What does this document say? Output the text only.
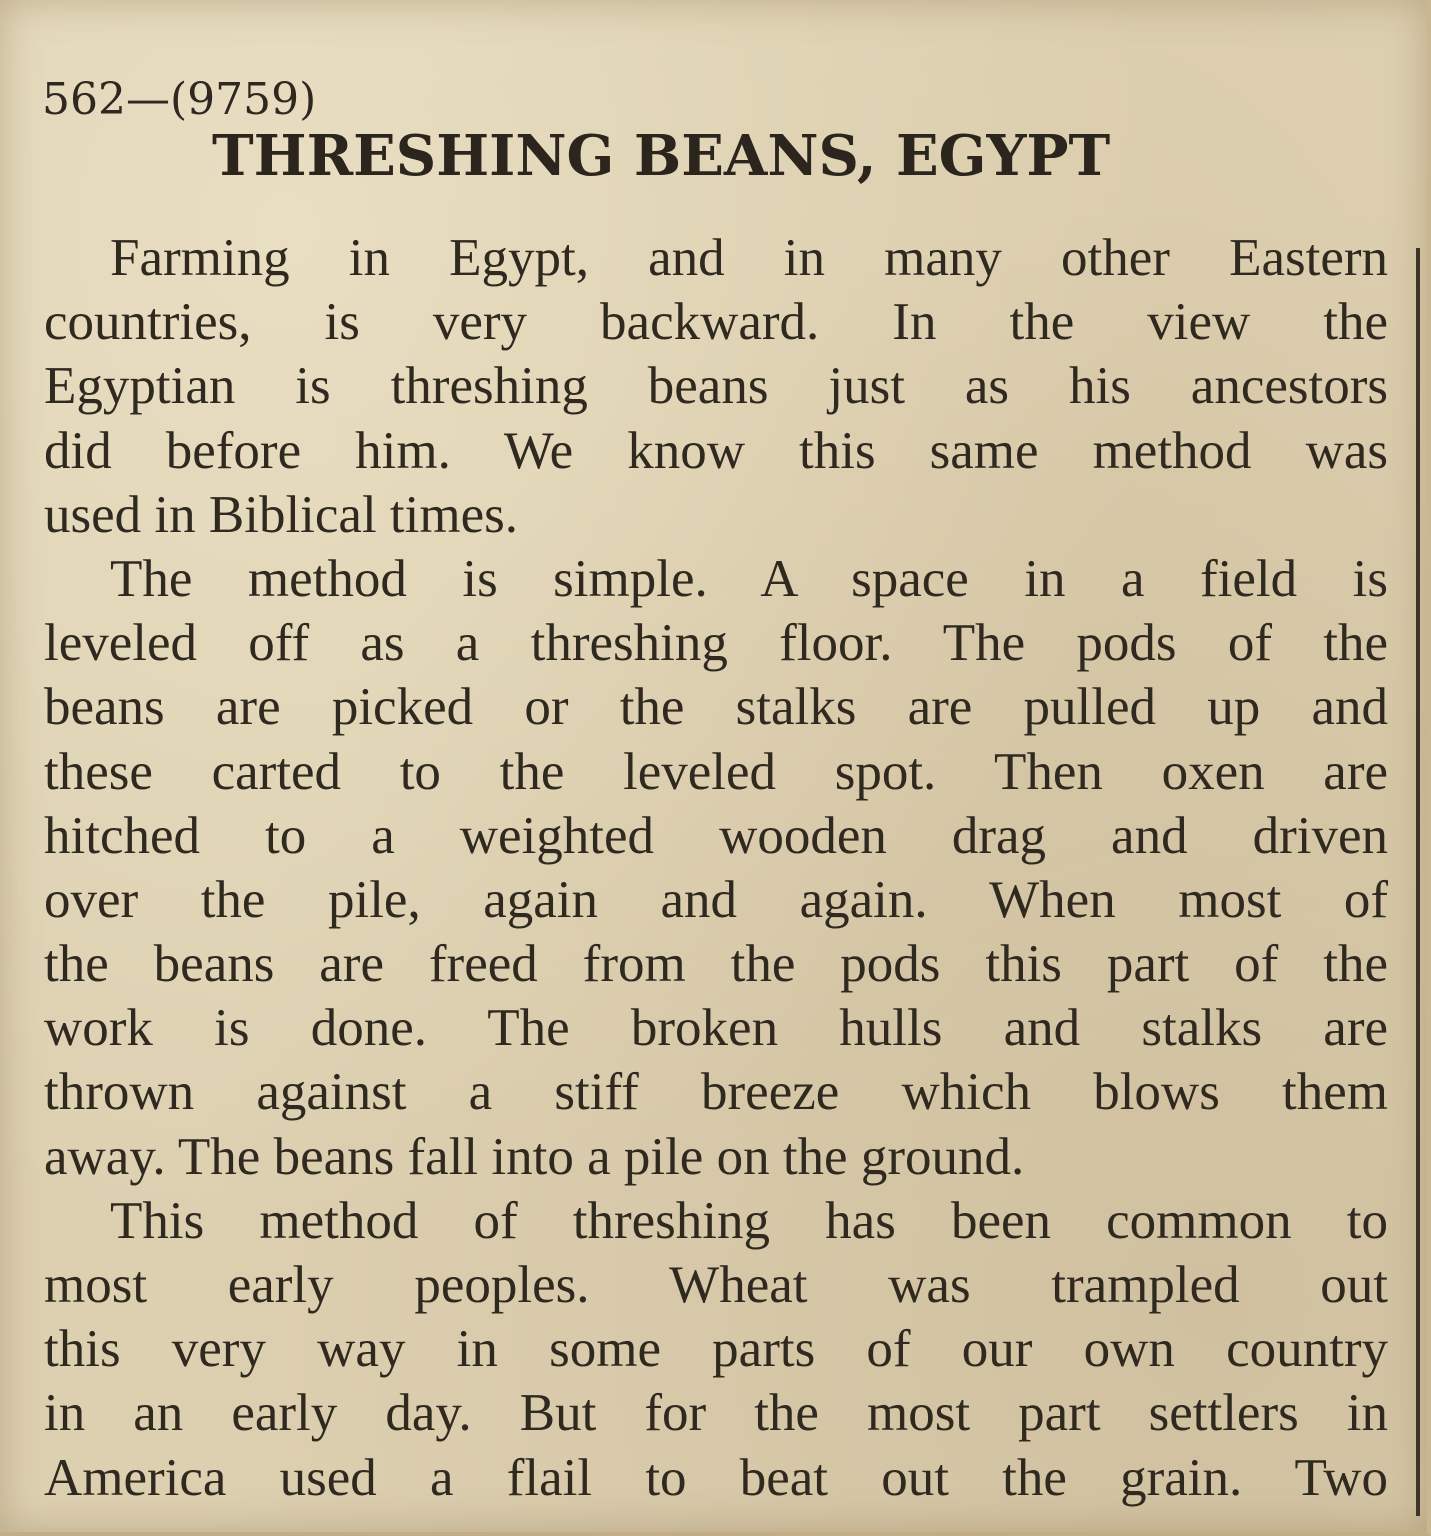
562—(9759)
THRESHING BEANS, EGYPT
Farming in Egypt, and in many other Eastern
countries, is very backward. In the view the
Egyptian is threshing beans just as his ancestors
did before him. We know this same method was
used in Biblical times.
The method is simple. A space in a field is
leveled off as a threshing floor. The pods of the
beans are picked or the stalks are pulled up and
these carted to the leveled spot. Then oxen are
hitched to a weighted wooden drag and driven
over the pile, again and again. When most of
the beans are freed from the pods this part of the
work is done. The broken hulls and stalks are
thrown against a stiff breeze which blows them
away. The beans fall into a pile on the ground.
This method of threshing has been common to
most early peoples. Wheat was trampled out
this very way in some parts of our own country
in an early day. But for the most part settlers in
America used a flail to beat out the grain. Two
